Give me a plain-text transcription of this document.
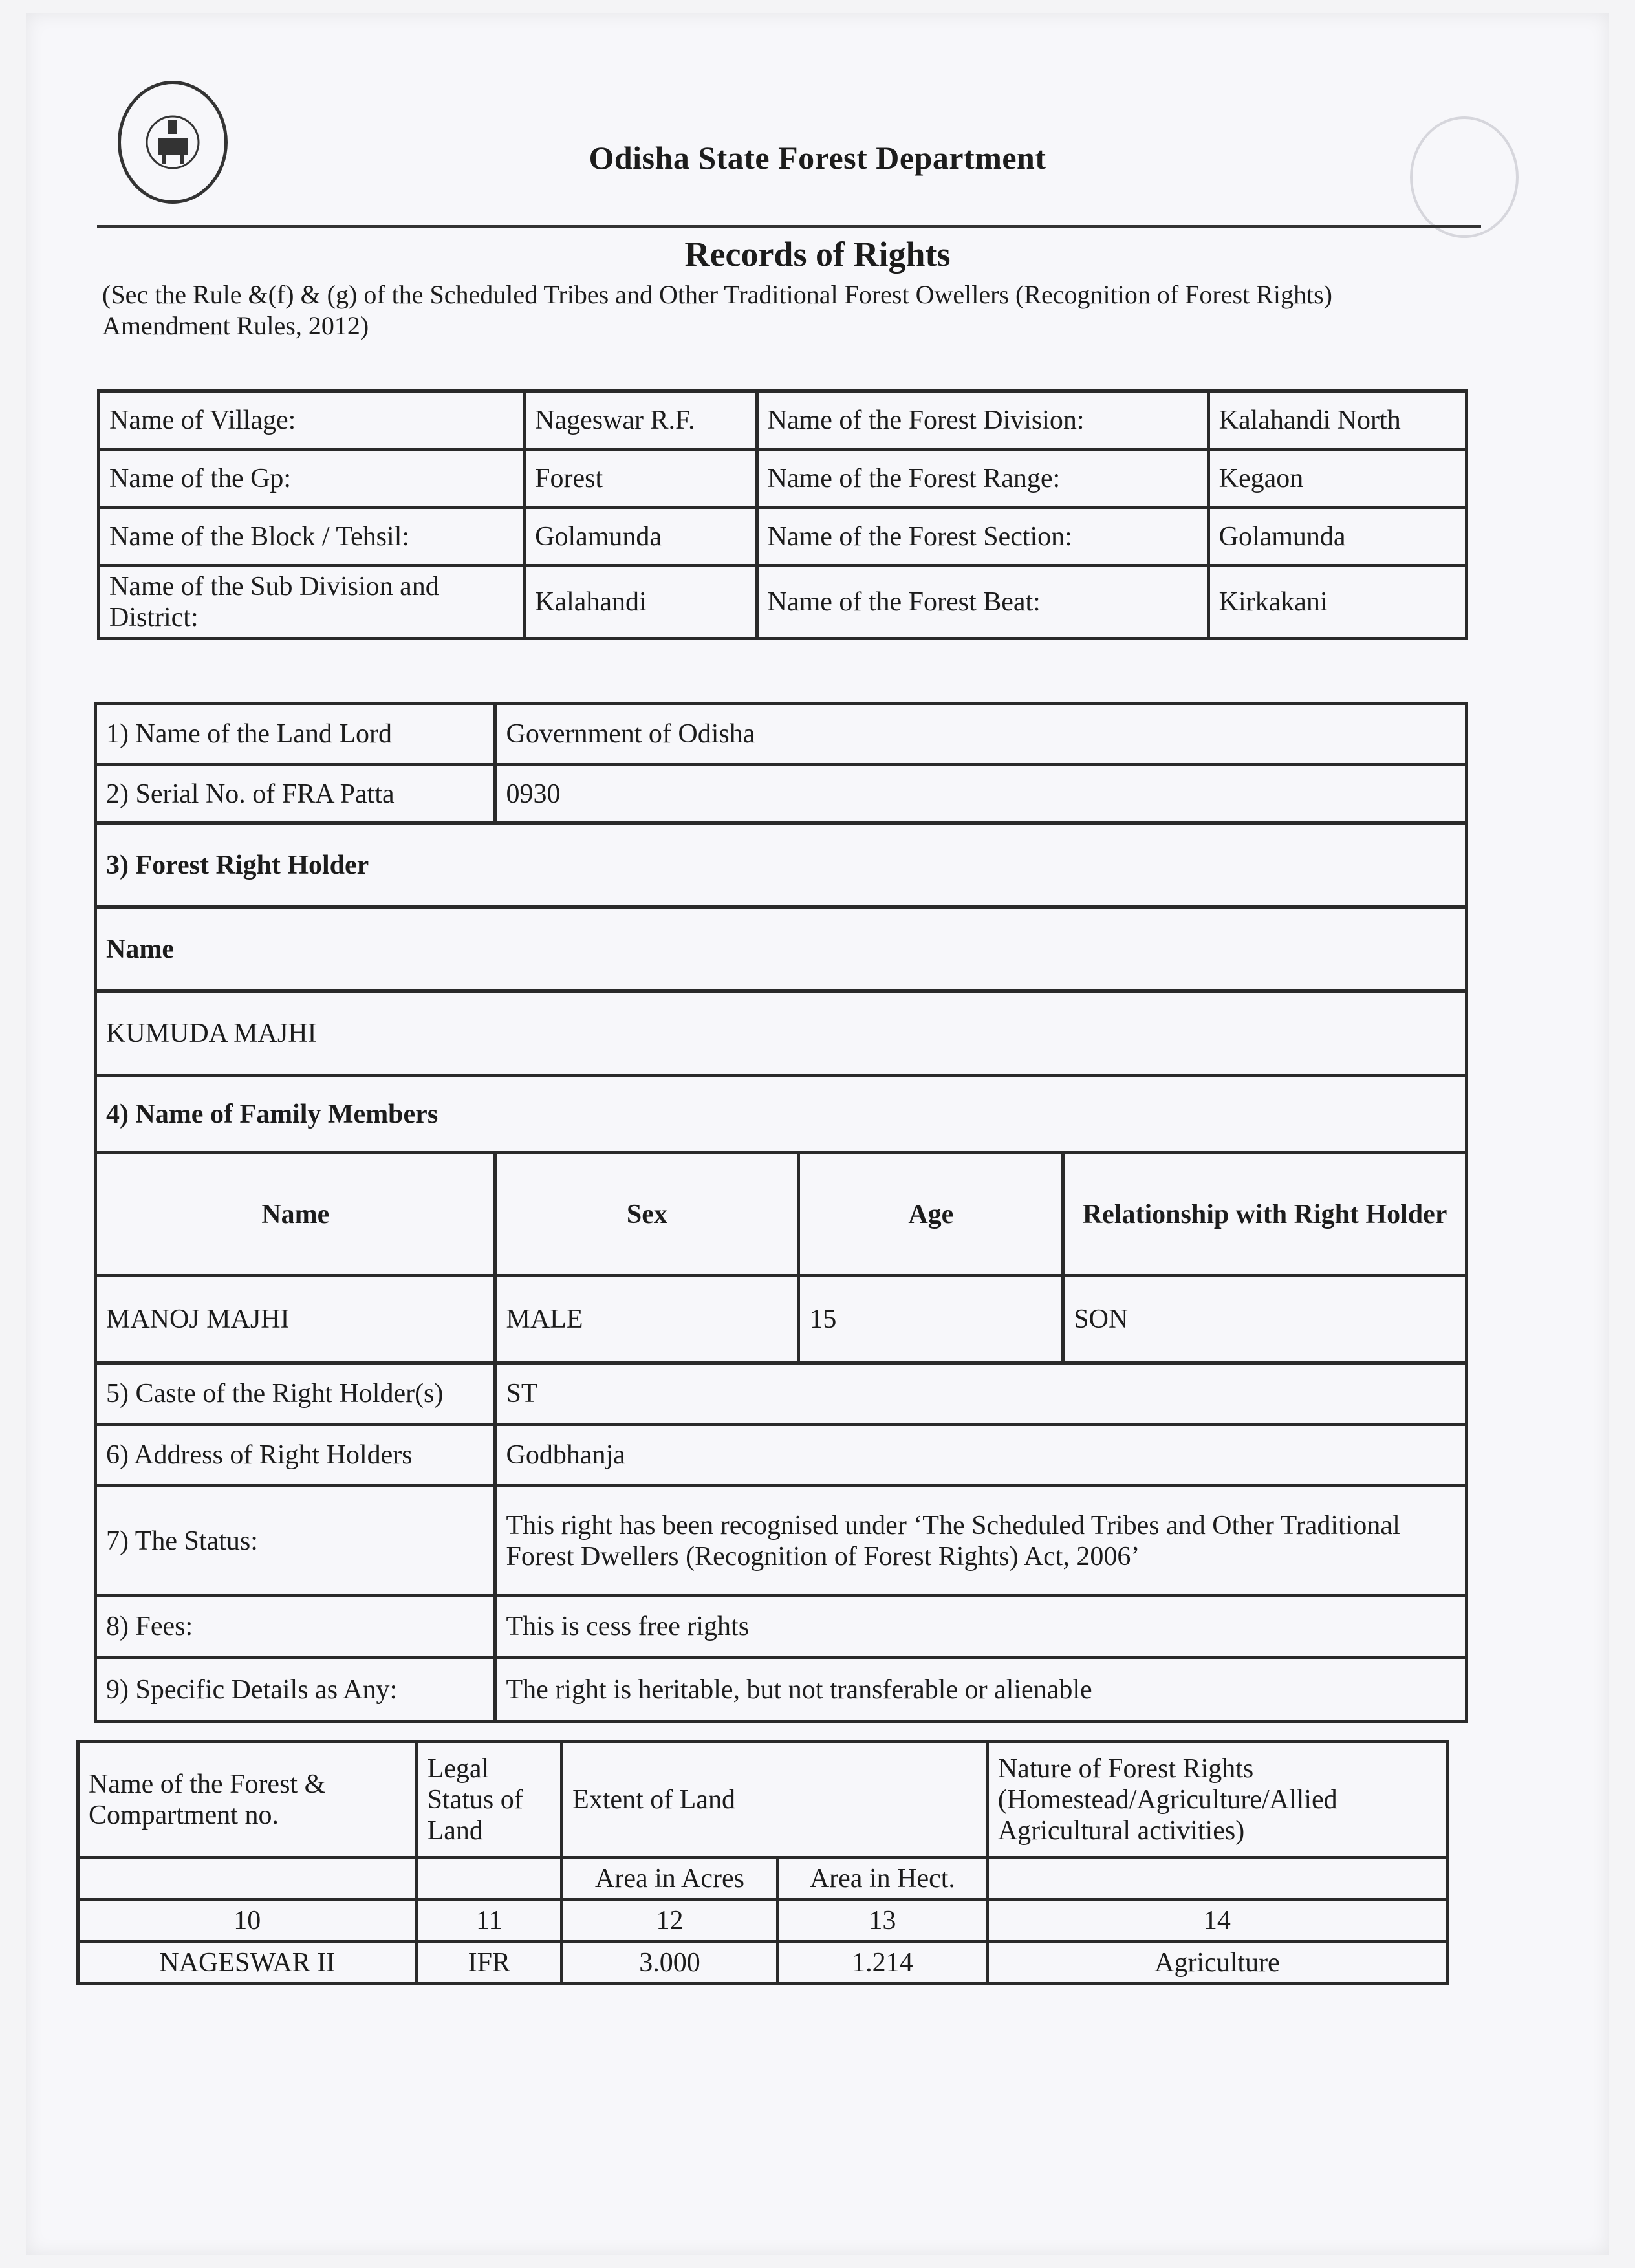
Odisha State Forest Department
Records of Rights
(Sec the Rule &(f) & (g) of the Scheduled Tribes and Other Traditional Forest Owellers (Recognition of Forest Rights) Amendment Rules, 2012)
Name of Village:	Nageswar R.F.	Name of the Forest Division:	Kalahandi North
Name of the Gp:	Forest	Name of the Forest Range:	Kegaon
Name of the Block / Tehsil:	Golamunda	Name of the Forest Section:	Golamunda
Name of the Sub Division and District:	Kalahandi	Name of the Forest Beat:	Kirkakani
1) Name of the Land Lord	Government of Odisha		
2) Serial No. of FRA Patta	0930		
3) Forest Right Holder			
Name			
KUMUDA MAJHI			
4) Name of Family Members			
Name	Sex	Age	Relationship with Right Holder
MANOJ MAJHI	MALE	15	SON
5) Caste of the Right Holder(s)	ST		
6) Address of Right Holders	Godbhanja		
7) The Status:	This right has been recognised under ‘The Scheduled Tribes and Other Traditional
Forest Dwellers (Recognition of Forest Rights) Act, 2006’		

8) Fees:	This is cess free rights		
9) Specific Details as Any:	The right is heritable, but not transferable or alienable		
Name of the Forest & Compartment no.	Legal Status of Land	Extent of Land		Nature of Forest Rights (Homestead/Agriculture/Allied Agricultural activities)
		Area in Acres	Area in Hect.	
10	11	12	13	14
NAGESWAR II	IFR	3.000	1.214	Agriculture
